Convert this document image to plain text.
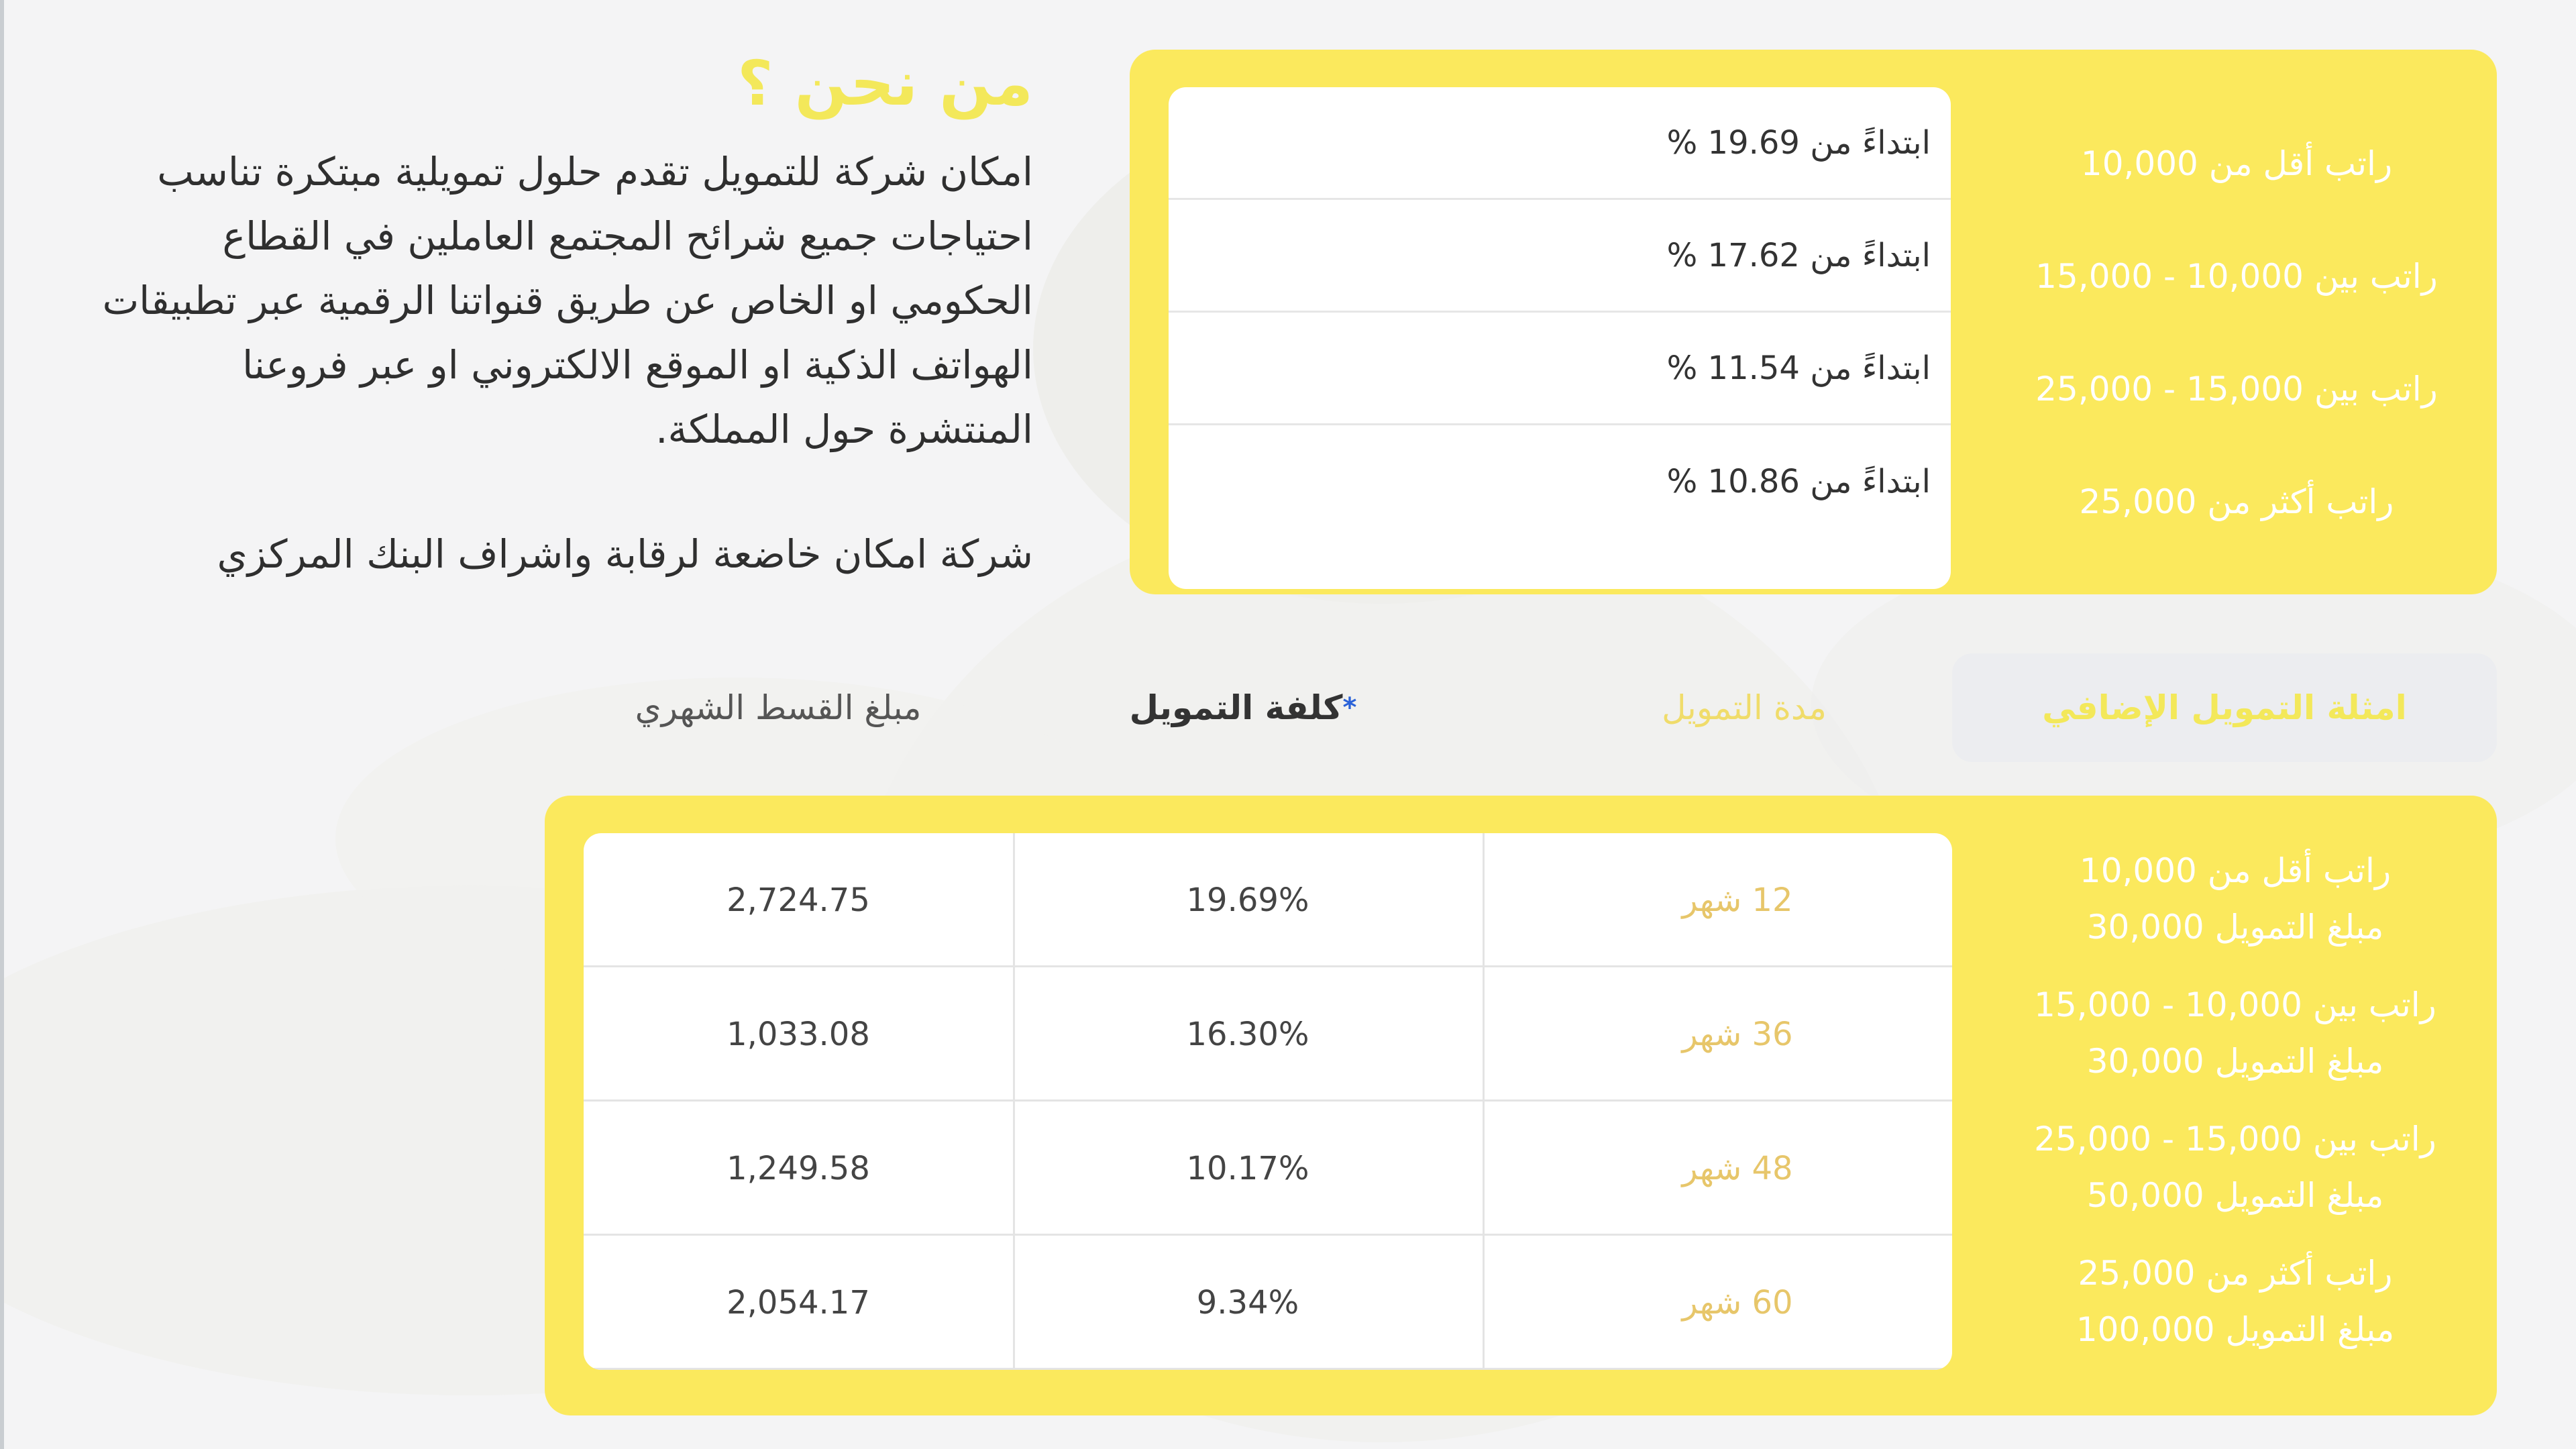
من نحن ؟

امكان شركة للتمويل تقدم حلول تمويلية مبتكرة تناسب احتياجات جميع شرائح المجتمع العاملين في القطاع الحكومي او الخاص عن طريق قنواتنا الرقمية عبر تطبيقات الهواتف الذكية او الموقع الالكتروني او عبر فروعنا المنتشرة حول المملكة.

شركة امكان خاضعة لرقابة واشراف البنك المركزي

ابتداءً من 19.69 %
ابتداءً من 17.62 %
ابتداءً من 11.54 %
ابتداءً من 10.86 %
راتب أقل من 10,000
راتب بين 10,000 - 15,000
راتب بين 15,000 - 25,000
راتب أكثر من 25,000
امثلة التمويل الإضافي
مدة التمويل
كلفة التمويل *
مبلغ القسط الشهري
12 شهر
19.69%
2,724.75
36 شهر
16.30%
1,033.08
48 شهر
10.17%
1,249.58
60 شهر
9.34%
2,054.17
راتب أقل من 10,000
مبلغ التمويل 30,000
راتب بين 10,000 - 15,000
مبلغ التمويل 30,000
راتب بين 15,000 - 25,000
مبلغ التمويل 50,000
راتب أكثر من 25,000
مبلغ التمويل 100,000
